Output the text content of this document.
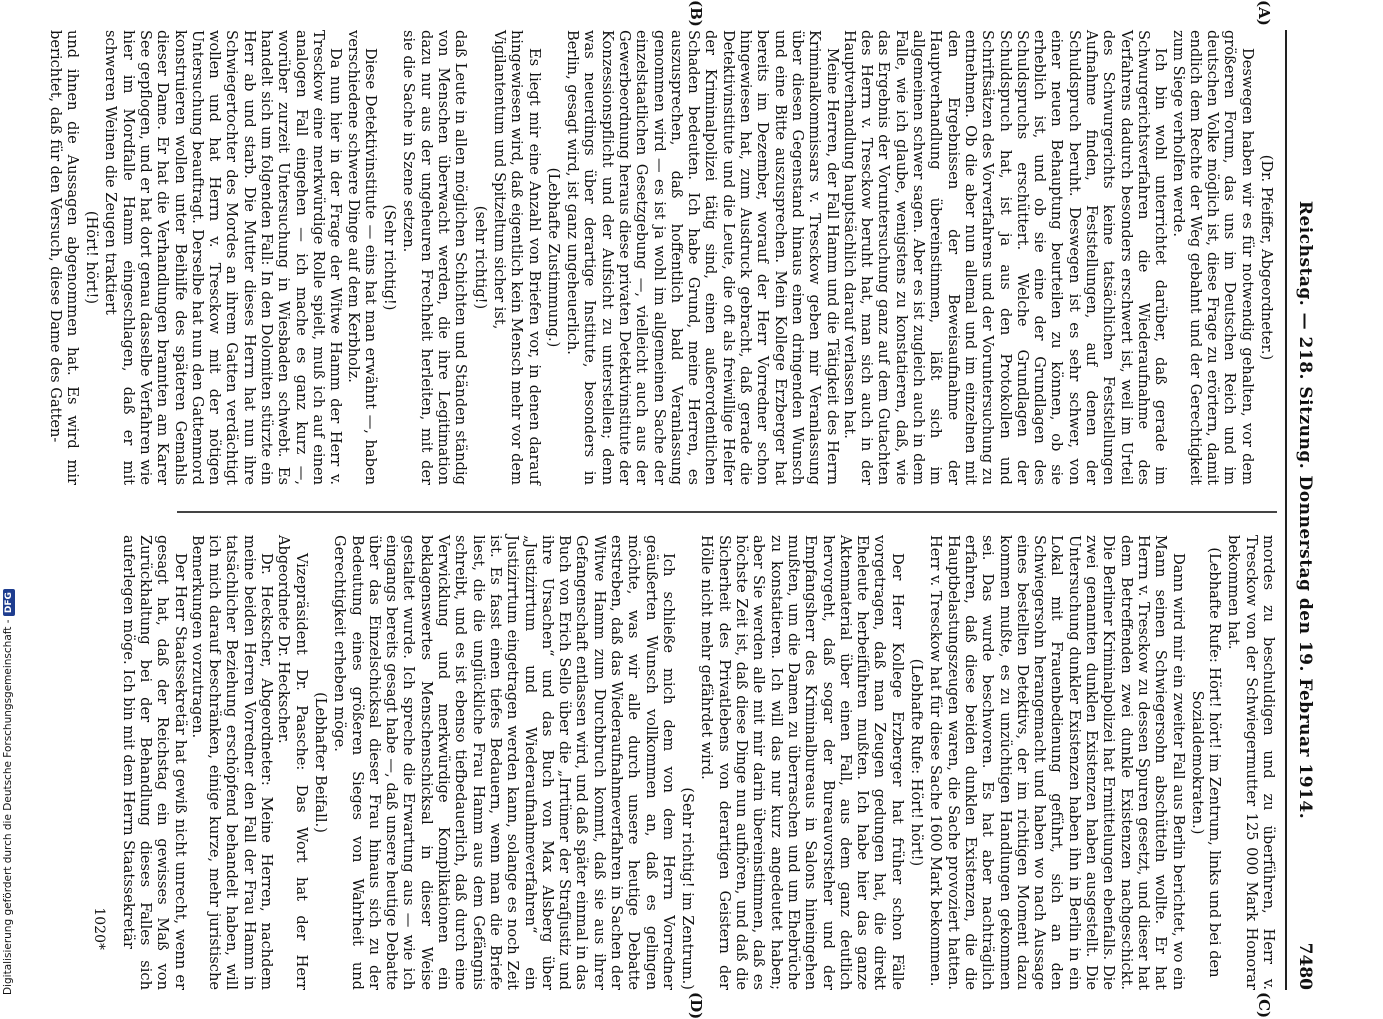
Reichstag. — 218. Sitzung. Donnerstag den 19. Februar 1914.
7480
(A)
(B)
(C)
(D)

(Dr. Pfeiffer, Abgeordneter.)

Deswegen haben wir es für notwendig gehalten, vor dem größeren Forum, das uns im Deutschen Reich und im deutschen Volke möglich ist, diese Frage zu erörtern, damit endlich dem Rechte der Weg gebahnt und der Gerechtigkeit zum Siege verholfen werde.

Ich bin wohl unterrichtet darüber, daß gerade im Schwurgerichtsverfahren die Wiederaufnahme des Verfahrens dadurch besonders erschwert ist, weil im Urteil des Schwurgerichts keine tatsächlichen Feststellungen Aufnahme finden, Feststellungen, auf denen der Schuldspruch beruht. Deswegen ist es sehr schwer, von einer neuen Behauptung beurteilen zu können, ob sie erheblich ist, und ob sie eine der Grundlagen des Schuldspruchs erschüttert. Welche Grundlagen der Schuldspruch hat, ist ja aus den Protokollen und Schriftsätzen des Vorverfahrens und der Voruntersuchung zu entnehmen. Ob die aber nun allemal und im einzelnen mit den Ergebnissen der Beweisaufnahme der Hauptverhandlung übereinstimmen, läßt sich im allgemeinen schwer sagen. Aber es ist zugleich auch in dem Falle, wie ich glaube, wenigstens zu konstatieren, daß, wie das Ergebnis der Voruntersuchung ganz auf dem Gutachten des Herrn v. Tresckow beruht hat, man sich auch in der Hauptverhandlung hauptsächlich darauf verlassen hat.

Meine Herren, der Fall Hamm und die Tätigkeit des Herrn Kriminalkommissars v. Tresckow geben mir Veranlassung über diesen Gegenstand hinaus einen dringenden Wunsch und eine Bitte auszusprechen. Mein Kollege Erzberger hat bereits im Dezember, worauf der Herr Vorredner schon hingewiesen hat, zum Ausdruck gebracht, daß gerade die Detektivinstitute und die Leute, die oft als freiwillige Helfer der Kriminalpolizei tätig sind, einen außerordentlichen Schaden bedeuten. Ich habe Grund, meine Herren, es auszusprechen, daß hoffentlich bald Veranlassung genommen wird — es ist ja wohl im allgemeinen Sache der einzelstaatlichen Gesetzgebung —, vielleicht auch aus der Gewerbeordnung heraus diese privaten Detektivinstitute der Konzessionspflicht und der Aufsicht zu unterstellen; denn was neuerdings über derartige Institute, besonders in Berlin, gesagt wird, ist ganz ungeheuerlich.

(Lebhafte Zustimmung.)

Es liegt mir eine Anzahl von Briefen vor, in denen darauf hingewiesen wird, daß eigentlich kein Mensch mehr vor dem Vigilantentum und Spitzeltum sicher ist,

(sehr richtig!)

daß Leute in allen möglichen Schichten und Ständen ständig von Menschen überwacht werden, die ihre Legitimation dazu nur aus der ungeheuren Frechheit herleiten, mit der sie die Sache in Szene setzen.

(Sehr richtig!)

Diese Detektivinstitute — eins hat man erwähnt —, haben verschiedene schwere Dinge auf dem Kerbholz.

Da nun hier in der Frage der Witwe Hamm der Herr v. Tresckow eine merkwürdige Rolle spielt, muß ich auf einen analogen Fall eingehen — ich mache es ganz kurz —, worüber zurzeit Untersuchung in Wiesbaden schwebt. Es handelt sich um folgenden Fall: In den Dolomiten stürzte ein Herr ab und starb. Die Mutter dieses Herrn hat nun ihre Schwiegertochter des Mordes an ihrem Gatten verdächtigt wollen und hat Herrn v. Tresckow mit der nötigen Untersuchung beauftragt. Derselbe hat nun den Gattenmord konstruieren wollen unter Beihilfe des späteren Gemahls dieser Dame. Er hat die Verhandlungen brannten am Karer See gepflogen, und er hat dort genau dasselbe Verfahren wie hier im Mordfalle Hamm eingeschlagen, daß er mit schweren Weinen die Zeugen traktiert

(Hört! hört!)

und ihnen die Aussagen abgenommen hat. Es wird mir berichtet, daß für den Versuch, diese Dame des Gatten-

mordes zu beschuldigen und zu überführen, Herr v. Tresckow von der Schwiegermutter 125 000 Mark Honorar bekommen hat.

(Lebhafte Rufe: Hört! hört! im Zentrum, links und bei den Sozialdemokraten.)

Dann wird mir ein zweiter Fall aus Berlin berichtet, wo ein Mann seinen Schwiegersohn abschütteln wollte. Er hat Herrn v. Tresckow zu dessen Spuren gesetzt, und dieser hat dem Betreffenden zwei dunkle Existenzen nachgeschickt. Die Berliner Kriminalpolizei hat Ermittelungen ebenfalls. Die zwei genannten dunklen Existenzen haben ausgestellt. Die Untersuchung dunkler Existenzen haben ihn in Berlin in ein Lokal mit Frauenbedienung geführt, sich an den Schwiegersohn herangemacht und haben wo nach Aussage eines bestellten Detektivs, der im richtigen Moment dazu kommen mußte, es zu unzüchtigen Handlungen gekommen sei. Das wurde beschworen. Es hat aber nachträglich erfahren, daß diese beiden dunklen Existenzen, die die Hauptbelastungszeugen waren, die Sache provoziert hatten. Herr v. Tresckow hat für diese Sache 1600 Mark bekommen.

(Lebhafte Rufe: Hört! hört!)

Der Herr Kollege Erzberger hat früher schon Fälle vorgetragen, daß man Zeugen gedungen hat, die direkt Eheleute herbeiführen mußten. Ich habe hier das ganze Aktenmaterial über einen Fall, aus dem ganz deutlich hervorgeht, daß sogar der Bureauvorsteher und der Empfangsherr des Kriminalbureaus in Salons hineingehen mußten, um die Damen zu überraschen und um Ehebrüche zu konstatieren. Ich will das nur kurz angedeutet haben; aber Sie werden alle mit mir darin übereinstimmen, daß es höchste Zeit ist, daß diese Dinge nun aufhören, und daß die Sicherheit des Privatlebens von derartigen Geistern der Hölle nicht mehr gefährdet wird.

(Sehr richtig! im Zentrum.)

Ich schließe mich dem von dem Herrn Vorredner geäußerten Wunsch vollkommen an, daß es gelingen möchte, was wir alle durch unsere heutige Debatte erstreben, daß das Wiederaufnahmeverfahren in Sachen der Witwe Hamm zum Durchbruch kommt, daß sie aus ihrer Gefangenschaft entlassen wird, und daß später einmal in das Buch von Erich Sello über die „Irrtümer der Strafjustiz und ihre Ursachen“ und das Buch von Max Alsberg über „Justizirrtum und Wiederaufnahmeverfahren“ ein Justizirrtum eingetragen werden kann, solange es noch Zeit ist. Es fasst einen tiefes Bedauern, wenn man die Briefe liest, die die unglückliche Frau Hamm aus dem Gefängnis schreibt, und es ist ebenso tiefbedauerlich, daß durch eine Verwicklung und merkwürdige Komplikationen ein beklagenswertes Menschenschicksal in dieser Weise gestaltet wurde. Ich spreche die Erwartung aus — wie ich eingangs bereits gesagt habe —, daß unsere heutige Debatte über das Einzelschicksal dieser Frau hinaus sich zu der Bedeutung eines größeren Sieges von Wahrheit und Gerechtigkeit erheben möge.

(Lebhafter Beifall.)

Vizepräsident Dr. Paasche: Das Wort hat der Herr Abgeordnete Dr. Heckscher.

Dr. Heckscher, Abgeordneter: Meine Herren, nachdem meine beiden Herren Vorredner den Fall der Frau Hamm in tatsächlicher Beziehung erschöpfend behandelt haben, will ich mich darauf beschränken, einige kurze, mehr juristische Bemerkungen vorzutragen.

Der Herr Staatssekretär hat gewiß nicht unrecht, wenn er gesagt hat, daß der Reichstag ein gewisses Maß von Zurückhaltung bei der Behandlung dieses Falles sich auferlegen möge. Ich bin mit dem Herrn Staatssekretär

1020*
Digitalisierung gefördert durch die Deutsche Forschungsgemeinschaft - DFG
